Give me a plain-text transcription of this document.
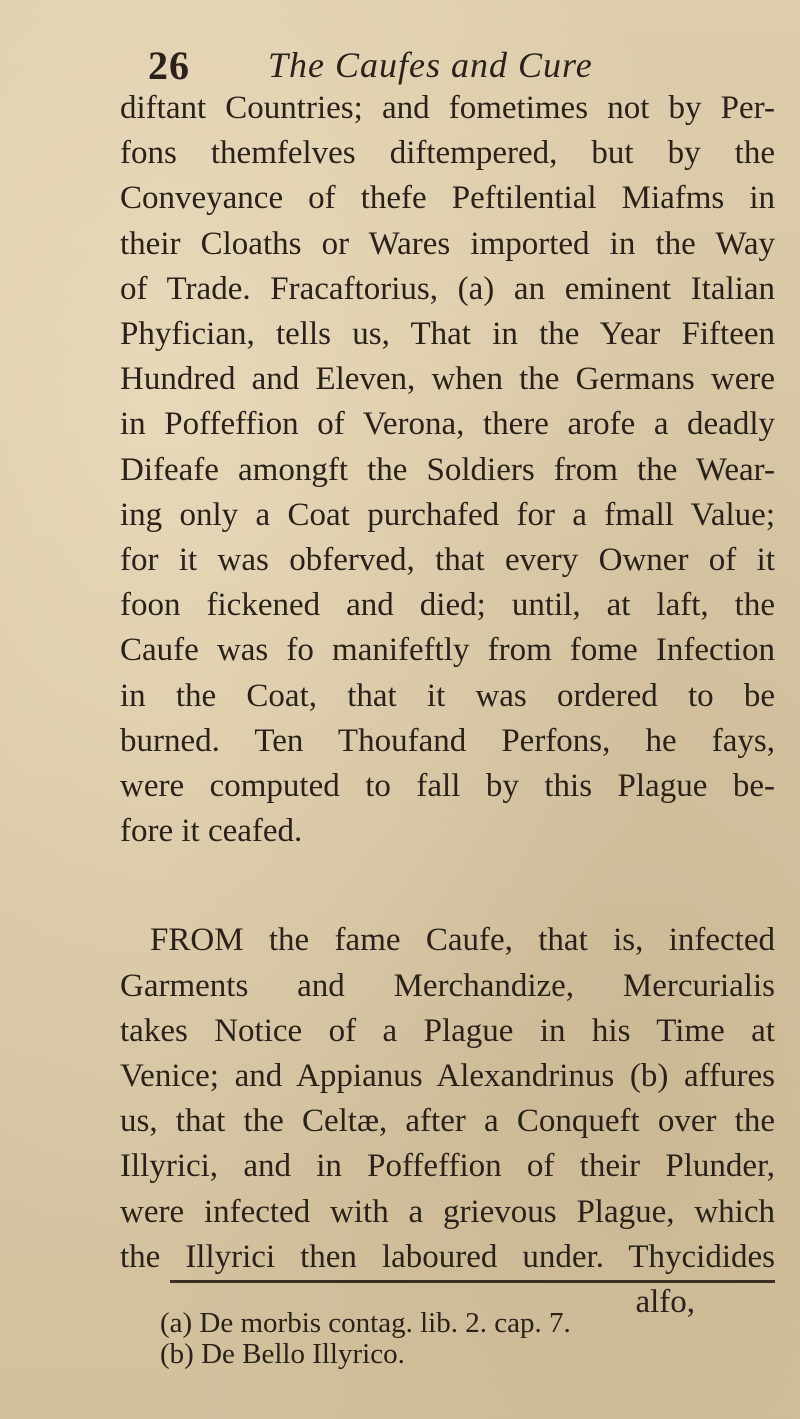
26 The Caufes and Cure
diftant Countries; and fometimes not by Per-
fons themfelves diftempered, but by the
Conveyance of thefe Peftilential Miafms in
their Cloaths or Wares imported in the Way
of Trade. Fracaftorius, (a) an eminent Italian
Phyfician, tells us, That in the Year Fifteen
Hundred and Eleven, when the Germans were
in Poffeffion of Verona, there arofe a deadly
Difeafe amongft the Soldiers from the Wear-
ing only a Coat purchafed for a fmall Value;
for it was obferved, that every Owner of it
foon fickened and died; until, at laft, the
Caufe was fo manifeftly from fome Infection
in the Coat, that it was ordered to be
burned. Ten Thoufand Perfons, he fays,
were computed to fall by this Plague be-
fore it ceafed.
FROM the fame Caufe, that is, infected
Garments and Merchandize, Mercurialis
takes Notice of a Plague in his Time at
Venice; and Appianus Alexandrinus (b) affures
us, that the Celtæ, after a Conqueft over the
Illyrici, and in Poffeffion of their Plunder,
were infected with a grievous Plague, which
the Illyrici then laboured under. Thycidides
alfo,
(a) De morbis contag. lib. 2. cap. 7.
(b) De Bello Illyrico.
